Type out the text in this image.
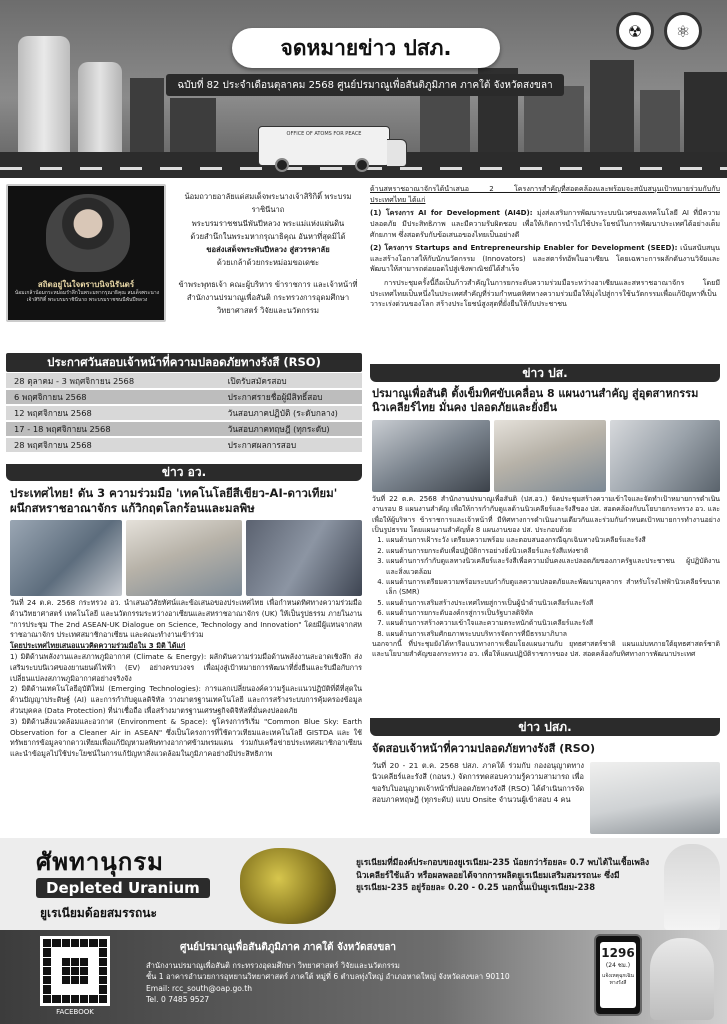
OFFICE OF ATOMS FOR PEACE
☢	⚛
จดหมายข่าว ปสภ.
ฉบับที่ 82 ประจำเดือนตุลาคม 2568 ศูนย์ปรมาณูเพื่อสันติภูมิภาค ภาคใต้ จังหวัดสงขลา
สถิตอยู่ในใจตราบนิจนิรันดร์
น้อมเกล้าน้อมกระหม่อมรำลึกในพระมหากรุณาธิคุณ สมเด็จพระนางเจ้าสิริกิติ์ พระบรมราชินีนาถ พระบรมราชชนนีพันปีหลวง
น้อมถวายอาลัยแด่สมเด็จพระนางเจ้าสิริกิติ์ พระบรมราชินีนาถ
พระบรมราชชนนีพันปีหลวง พระแม่แห่งแผ่นดิน
ด้วยสำนึกในพระมหากรุณาธิคุณ อันหาที่สุดมิได้
ขอส่งเสด็จพระพันปีหลวง สู่สวรรคาลัย
ด้วยเกล้าด้วยกระหม่อมขอเดชะ
ข้าพระพุทธเจ้า คณะผู้บริหาร ข้าราชการ และเจ้าหน้าที่
สำนักงานปรมาณูเพื่อสันติ กระทรวงการอุดมศึกษา
วิทยาศาสตร์ วิจัยและนวัตกรรม
ประกาศวันสอบเจ้าหน้าที่ความปลอดภัยทางรังสี (RSO)
28 ตุลาคม - 3 พฤศจิกายน 2568	เปิดรับสมัครสอบ
6 พฤศจิกายน 2568	ประกาศรายชื่อผู้มีสิทธิ์สอบ
12 พฤศจิกายน 2568	วันสอบภาคปฏิบัติ (ระดับกลาง)
17 - 18 พฤศจิกายน 2568	วันสอบภาคทฤษฎี (ทุกระดับ)
28 พฤศจิกายน 2568	ประกาศผลการสอบ
ข่าว อว.
ประเทศไทย! ดัน 3 ความร่วมมือ 'เทคโนโลยีสีเขียว-AI-ดาวเทียม' ผนึกสหราชอาณาจักร แก้วิกฤตโลกร้อนและมลพิษ

วันที่ 24 ต.ค. 2568 กระทรวง อว. นำเสนอวิสัยทัศน์และข้อเสนอของประเทศไทย เพื่อกำหนดทิศทางความร่วมมือด้านวิทยาศาสตร์ เทคโนโลยี และนวัตกรรมระหว่างอาเซียนและสหราชอาณาจักร (UK) ให้เป็นรูปธรรม ภายในงาน "การประชุม The 2nd ASEAN-UK Dialogue on Science, Technology and Innovation" โดยมีผู้แทนจากสหราชอาณาจักร ประเทศสมาชิกอาเซียน และคณะทำงานเข้าร่วม

โดยประเทศไทยเสนอแนวคิดความร่วมมือใน 3 มิติ ได้แก่

1) มิติด้านพลังงานและสภาพภูมิอากาศ (Climate & Energy): ผลักดันความร่วมมือด้านพลังงานสะอาดเชิงลึก ส่งเสริมระบบนิเวศของยานยนต์ไฟฟ้า (EV) อย่างครบวงจร เพื่อมุ่งสู่เป้าหมายการพัฒนาที่ยั่งยืนและรับมือกับการเปลี่ยนแปลงสภาพภูมิอากาศอย่างจริงจัง

2) มิติด้านเทคโนโลยีอุบัติใหม่ (Emerging Technologies): การแลกเปลี่ยนองค์ความรู้และแนวปฏิบัติที่ดีที่สุดในด้านปัญญาประดิษฐ์ (AI) และการกำกับดูแลดิจิทัล วางมาตรฐานเทคโนโลยี และการสร้างระบบการคุ้มครองข้อมูลส่วนบุคคล (Data Protection) ที่น่าเชื่อถือ เพื่อสร้างมาตรฐานเศรษฐกิจดิจิทัลที่มั่นคงปลอดภัย

3) มิติด้านสิ่งแวดล้อมและอวกาศ (Environment & Space): ชูโครงการริเริ่ม "Common Blue Sky: Earth Observation for a Cleaner Air in ASEAN" ซึ่งเป็นโครงการที่ใช้ดาวเทียมและเทคโนโลยี GISTDA และ ใช้ทรัพยากรข้อมูลจากดาวเทียมเพื่อแก้ปัญหามลพิษทางอากาศข้ามพรมแดน ร่วมกับเครือข่ายประเทศสมาชิกอาเซียน และนำข้อมูลไปใช้ประโยชน์ในการแก้ปัญหาสิ่งแวดล้อมในภูมิภาคอย่างมีประสิทธิภาพ

ด้านสหราชอาณาจักรได้นำเสนอ 2 โครงการสำคัญที่สอดคล้องและพร้อมจะสนับสนุนเป้าหมายร่วมกับกับประเทศไทย ได้แก่

(1) โครงการ AI for Development (AI4D): มุ่งส่งเสริมการพัฒนาระบบนิเวศของเทคโนโลยี AI ที่มีความปลอดภัย มีประสิทธิภาพ และมีความรับผิดชอบ เพื่อให้เกิดการนำไปใช้ประโยชน์ในการพัฒนาประเทศได้อย่างเต็มศักยภาพ ซึ่งสอดรับกับข้อเสนอของไทยเป็นอย่างดี

(2) โครงการ Startups and Entrepreneurship Enabler for Development (SEED): เน้นสนับสนุนและสร้างโอกาสให้กับนักนวัตกรรม (Innovators) และสตาร์ทอัพในอาเซียน โดยเฉพาะการผลักดันงานวิจัยและพัฒนาให้สามารถต่อยอดไปสู่เชิงพาณิชย์ได้สำเร็จ

การประชุมครั้งนี้ถือเป็นก้าวสำคัญในการยกระดับความร่วมมือระหว่างอาเซียนและสหราชอาณาจักร โดยมีประเทศไทยเป็นหนึ่งในประเทศสำคัญที่ร่วมกำหนดทิศทางความร่วมมือให้มุ่งไปสู่การใช้นวัตกรรมเพื่อแก้ปัญหาที่เป็นวาระเร่งด่วนของโลก สร้างประโยชน์สูงสุดที่ยั่งยืนให้กับประชาชน

ข่าว ปส.
ปรมาณูเพื่อสันติ ตั้งเข็มทิศขับเคลื่อน 8 แผนงานสำคัญ สู่อุตสาหกรรมนิวเคลียร์ไทย มั่นคง ปลอดภัยและยั่งยืน

วันที่ 22 ต.ค. 2568 สำนักงานปรมาณูเพื่อสันติ (ปส.อว.) จัดประชุมสร้างความเข้าใจและจัดทำเป้าหมายการดำเนินงานรอบ 8 แผนงานสำคัญ เพื่อให้การกำกับดูแลด้านนิวเคลียร์และรังสีของ ปส. สอดคล้องกับนโยบายกระทรวง อว. และเพื่อให้ผู้บริหาร ข้าราชการและเจ้าหน้าที่ มีทิศทางการดำเนินงานเดียวกันและร่วมกันกำหนดเป้าหมายการทำงานอย่างเป็นรูปธรรม โดยแผนงานสำคัญทั้ง 8 แผนงานของ ปส. ประกอบด้วย

1. แผนด้านการเฝ้าระวัง เตรียมความพร้อม และตอบสนองกรณีฉุกเฉินทางนิวเคลียร์และรังสี
2. แผนด้านการยกระดับเพื่อปฏิบัติการอย่างยิ่งนิวเคลียร์และรังสีแห่งชาติ
3. แผนด้านการกำกับดูแลทางนิวเคลียร์และรังสีเพื่อความมั่นคงและปลอดภัยของภาครัฐและประชาชน ผู้ปฏิบัติงาน และสิ่งแวดล้อม
4. แผนด้านการเตรียมความพร้อมระบบกำกับดูแลความปลอดภัยและพัฒนาบุคลากร สำหรับโรงไฟฟ้านิวเคลียร์ขนาดเล็ก (SMR)
5. แผนด้านการเสริมสร้างประเทศไทยสู่การเป็นผู้นำด้านนิวเคลียร์และรังสี
6. แผนด้านการยกระดับองค์กรสู่การเป็นรัฐบาลดิจิทัล
7. แผนด้านการสร้างความเข้าใจและความตระหนักด้านนิวเคลียร์และรังสี
8. แผนด้านการเสริมศักยภาพระบบบริหารจัดการที่มีธรรมาภิบาล

นอกจากนี้ ที่ประชุมยังได้หารือแนวทางการเชื่อมโยงแผนงานกับ ยุทธศาสตร์ชาติ แผนแม่บทภายใต้ยุทธศาสตร์ชาติ และนโยบายสำคัญของกระทรวง อว. เพื่อให้แผนปฏิบัติราชการของ ปส. สอดคล้องกับทิศทางการพัฒนาประเทศ

ข่าว ปสภ.
จัดสอบเจ้าหน้าที่ความปลอดภัยทางรังสี (RSO)
วันที่ 20 - 21 ต.ค. 2568 ปสภ. ภาคใต้ ร่วมกับ กองอนุญาตทางนิวเคลียร์และรังสี (กอนร.) จัดการทดสอบความรู้ความสามารถ เพื่อขอรับใบอนุญาตเจ้าหน้าที่ปลอดภัยทางรังสี (RSO) ได้ดำเนินการจัดสอบภาคทฤษฎี (ทุกระดับ) แบบ Onsite จำนวนผู้เข้าสอบ 4 คน
ศัพทานุกรม
Depleted Uranium
ยูเรเนียมด้อยสมรรถนะ
ยูเรเนียมที่มีองค์ประกอบของยูเรเนียม-235 น้อยกว่าร้อยละ 0.7 พบได้ในเชื้อเพลิงนิวเคลียร์ใช้แล้ว หรือผลพลอยได้จากการผลิตยูเรเนียมเสริมสมรรถนะ ซึ่งมียูเรเนียม-235 อยู่ร้อยละ 0.20 - 0.25 นอกนั้นเป็นยูเรเนียม-238
FACEBOOK
ศูนย์ปรมาณูเพื่อสันติภูมิภาค ภาคใต้ จังหวัดสงขลา
สำนักงานปรมาณูเพื่อสันติ กระทรวงอุดมศึกษา วิทยาศาสตร์ วิจัยและนวัตกรรม
ชั้น 1 อาคารอำนวยการอุทยานวิทยาศาสตร์ ภาคใต้ หมู่ที่ 6 ตำบลทุ่งใหญ่ อำเภอหาดใหญ่ จังหวัดสงขลา 90110
Email: rcc_south@oap.go.th
Tel. 0 7485 9527
1296
(24 ชม.)
แจ้งเหตุฉุกเฉินทางรังสี
